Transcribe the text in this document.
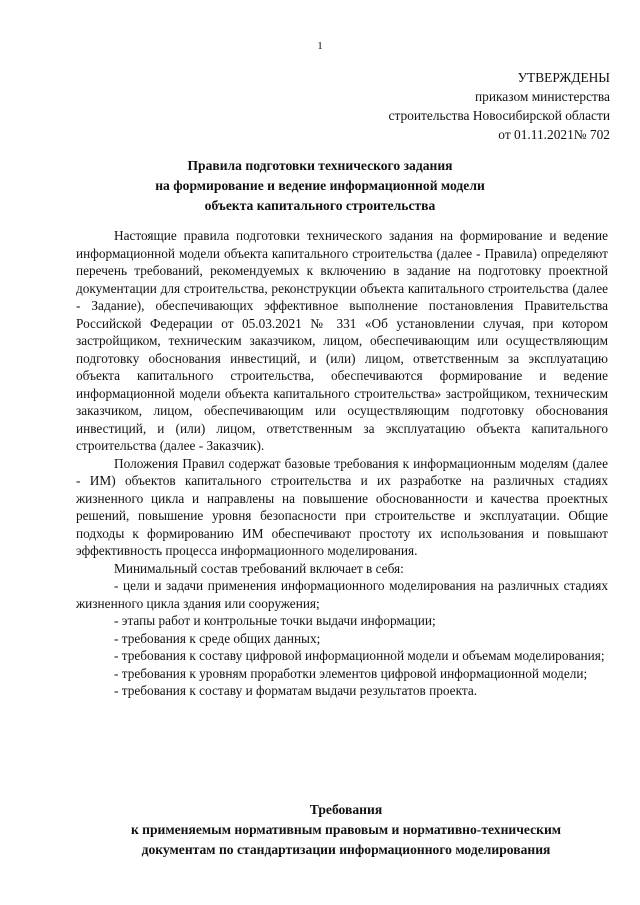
1
УТВЕРЖДЕНЫ
приказом министерства
строительства Новосибирской области
от 01.11.2021№ 702
Правила подготовки технического задания
на формирование и ведение информационной модели
объекта капитального строительства

Настоящие правила подготовки технического задания на формирование и ведение информационной модели объекта капитального строительства (далее - Правила) определяют перечень требований, рекомендуемых к включению в задание на подготовку проектной документации для строительства, реконструкции объекта капитального строительства (далее - Задание), обеспечивающих эффективное выполнение постановления Правительства Российской Федерации от 05.03.2021 № 331 «Об установлении случая, при котором застройщиком, техническим заказчиком, лицом, обеспечивающим или осуществляющим подготовку обоснования инвестиций, и (или) лицом, ответственным за эксплуатацию объекта капитального строительства, обеспечиваются формирование и ведение информационной модели объекта капитального строительства» застройщиком, техническим заказчиком, лицом, обеспечивающим или осуществляющим подготовку обоснования инвестиций, и (или) лицом, ответственным за эксплуатацию объекта капитального строительства (далее - Заказчик).

Положения Правил содержат базовые требования к информационным моделям (далее - ИМ) объектов капитального строительства и их разработке на различных стадиях жизненного цикла и направлены на повышение обоснованности и качества проектных решений, повышение уровня безопасности при строительстве и эксплуатации. Общие подходы к формированию ИМ обеспечивают простоту их использования и повышают эффективность процесса информационного моделирования.

Минимальный состав требований включает в себя:

- цели и задачи применения информационного моделирования на различных стадиях жизненного цикла здания или сооружения;

- этапы работ и контрольные точки выдачи информации;

- требования к среде общих данных;

- требования к составу цифровой информационной модели и объемам моделирования;

- требования к уровням проработки элементов цифровой информационной модели;

- требования к составу и форматам выдачи результатов проекта.

Требования
к применяемым нормативным правовым и нормативно-техническим
документам по стандартизации информационного моделирования
